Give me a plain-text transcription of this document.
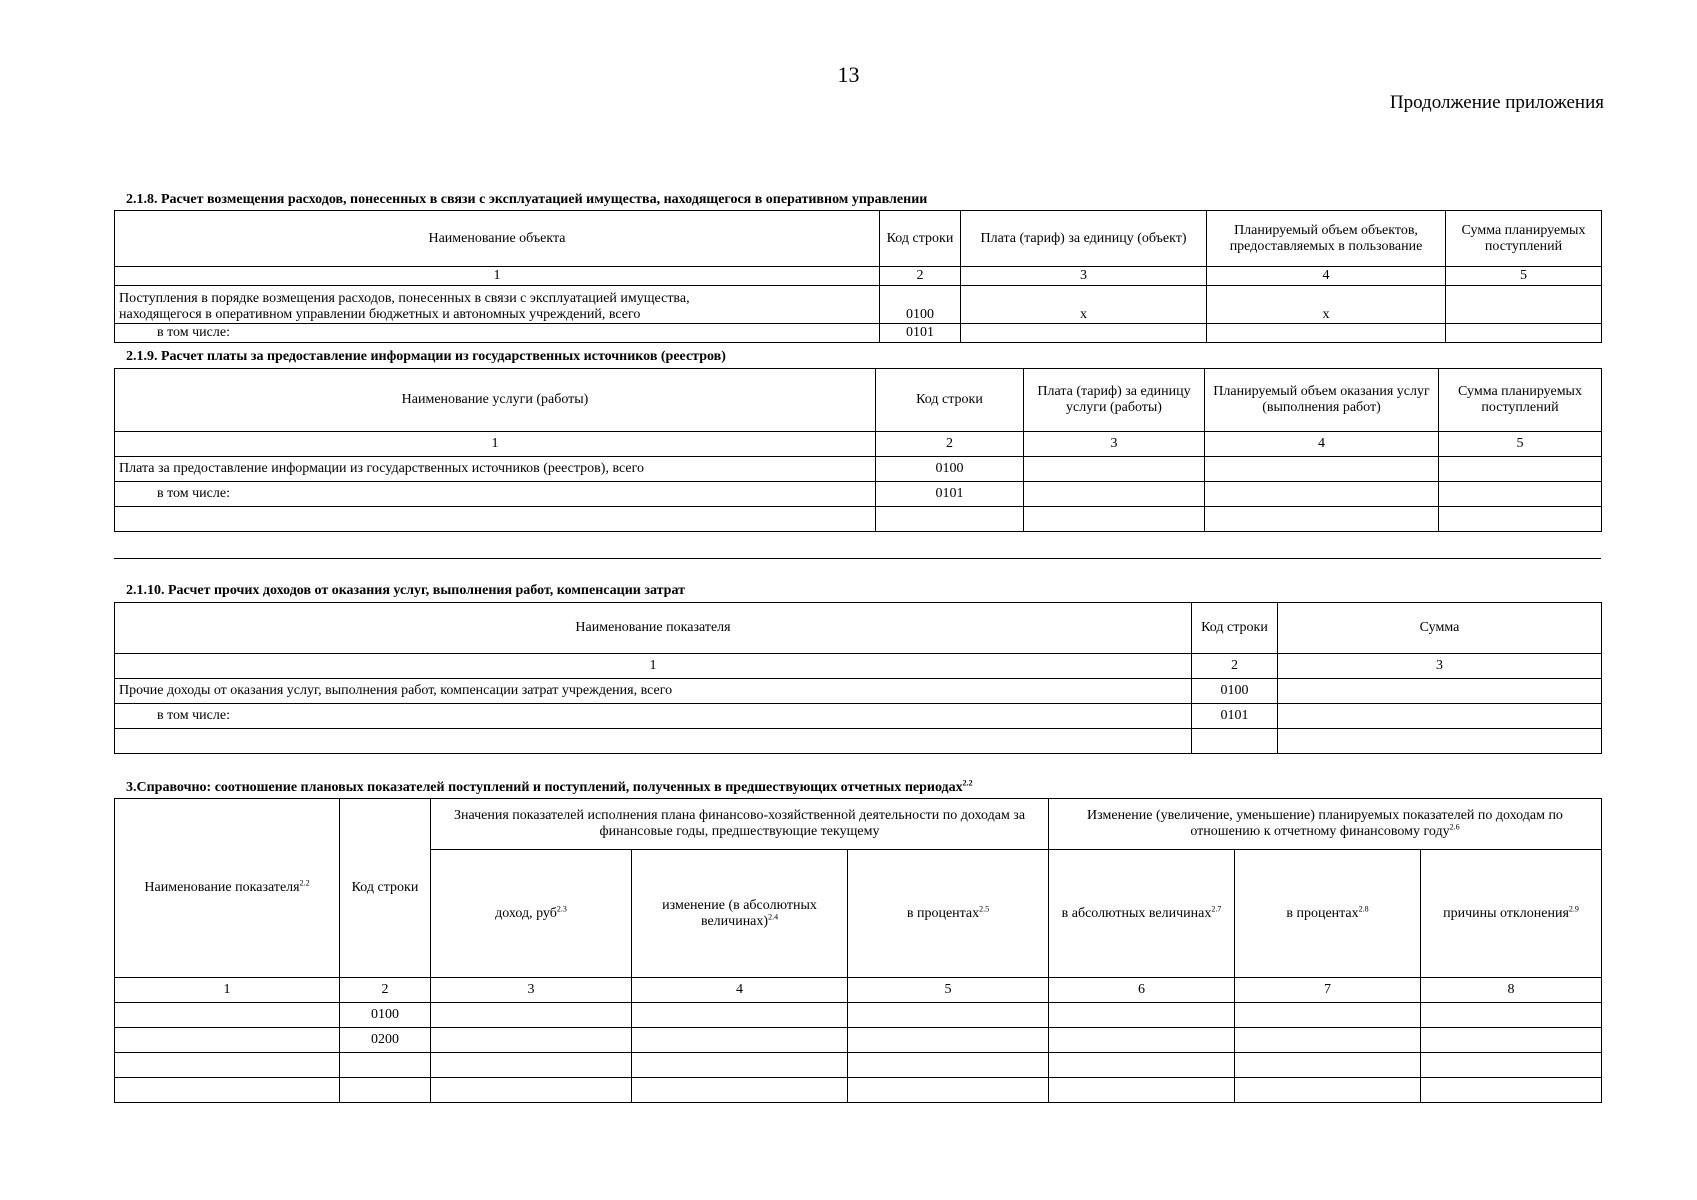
13
Продолжение приложения
2.1.8. Расчет возмещения расходов, понесенных в связи с эксплуатацией имущества, находящегося в оперативном управлении
Наименование объекта	Код строки	Плата (тариф) за единицу (объект)	Планируемый объем объектов, предоставляемых в пользование	Сумма планируемых поступлений
1	2	3	4	5

Поступления в порядке возмещения расходов, понесенных в связи с эксплуатацией имущества,
находящегося в оперативном управлении бюджетных и автономных учреждений, всего	0100	х	х	
в том числе:	0101			
2.1.9. Расчет платы за предоставление информации из государственных источников (реестров)
Наименование услуги (работы)	Код строки	Плата (тариф) за единицу услуги (работы)	Планируемый объем оказания услуг (выполнения работ)	Сумма планируемых поступлений
1	2	3	4	5
Плата за предоставление информации из государственных источников (реестров), всего	0100			
в том числе:	0101			

2.1.10. Расчет прочих доходов от оказания услуг, выполнения работ, компенсации затрат
Наименование показателя	Код строки	Сумма
1	2	3
Прочие доходы от оказания услуг, выполнения работ, компенсации затрат учреждения, всего	0100	
в том числе:	0101	

3.Справочно: соотношение плановых показателей поступлений и поступлений, полученных в предшествующих отчетных периодах$^{2.2}$
Наименование показателя$^{2.2}$	Код строки	Значения показателей исполнения плана финансово-хозяйственной деятельности по доходам за финансовые годы, предшествующие текущему			Изменение (увеличение, уменьшение) планируемых показателей по доходам по отношению к отчетному финансовому году$^{2.6}$
		доход, руб$^{2.3}$	изменение (в абсолютных величинах)$^{2.4}$	в процентах$^{2.5}$	в абсолютных величинах$^{2.7}$	в процентах$^{2.8}$	причины отклонения$^{2.9}$
1	2	3	4	5	6	7	8
	0100						
	0200						
